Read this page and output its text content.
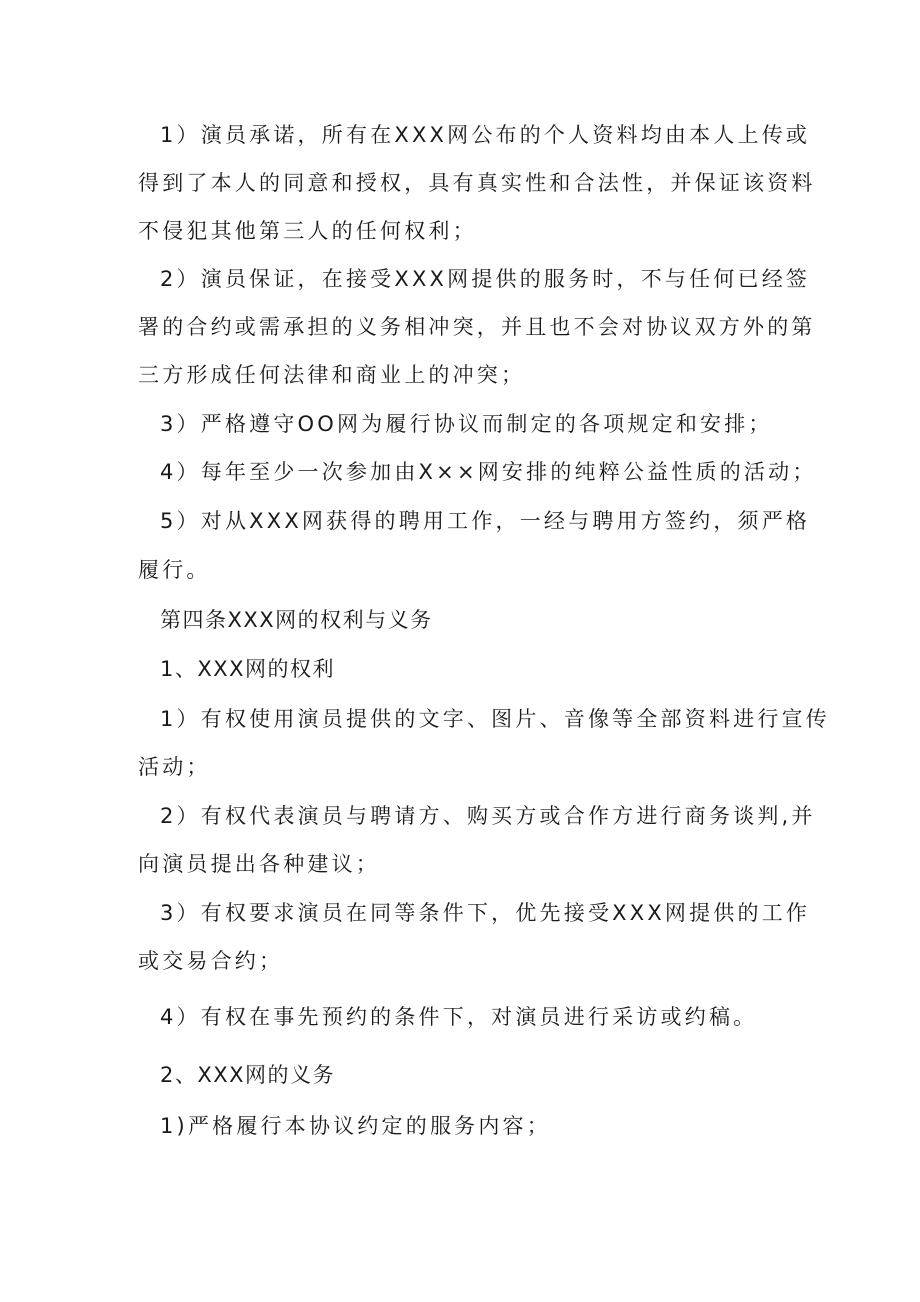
1）演员承诺，所有在XXX网公布的个人资料均由本人上传或

得到了本人的同意和授权，具有真实性和合法性，并保证该资料

不侵犯其他第三人的任何权利；

2）演员保证，在接受XXX网提供的服务时，不与任何已经签

署的合约或需承担的义务相冲突，并且也不会对协议双方外的第

三方形成任何法律和商业上的冲突；

3）严格遵守OO网为履行协议而制定的各项规定和安排；

4）每年至少一次参加由X××网安排的纯粹公益性质的活动；

5）对从XXX网获得的聘用工作，一经与聘用方签约，须严格

履行。

第四条XXX网的权利与义务

1、XXX网的权利

1）有权使用演员提供的文字、图片、音像等全部资料进行宣传

活动；

2）有权代表演员与聘请方、购买方或合作方进行商务谈判,并

向演员提出各种建议；

3）有权要求演员在同等条件下，优先接受XXX网提供的工作

或交易合约；

4）有权在事先预约的条件下，对演员进行采访或约稿。

2、XXX网的义务

1)严格履行本协议约定的服务内容；
